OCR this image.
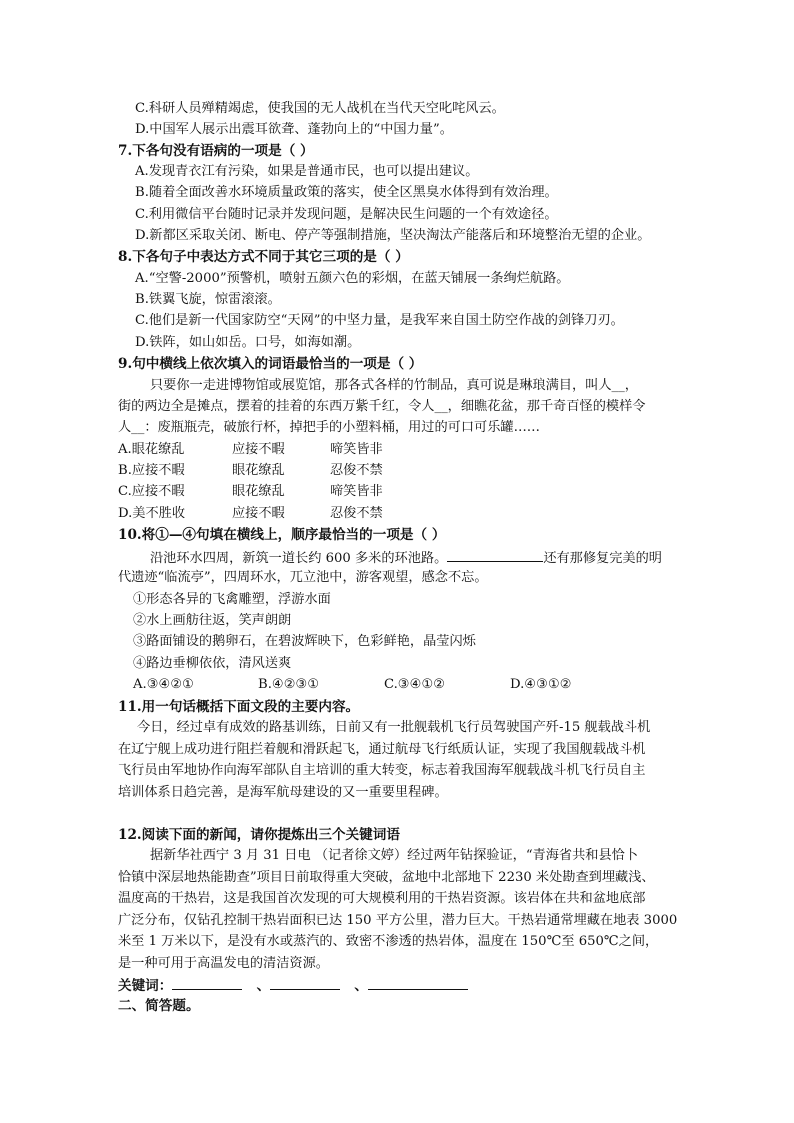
C.科研人员殚精竭虑，使我国的无人战机在当代天空叱咤风云。
D.中国军人展示出震耳欲聋、蓬勃向上的“中国力量”。
7.下各句没有语病的一项是（ ）
A.发现青衣江有污染，如果是普通市民，也可以提出建议。
B.随着全面改善水环境质量政策的落实，使全区黑臭水体得到有效治理。
C.利用微信平台随时记录并发现问题，是解决民生问题的一个有效途径。
D.新都区采取关闭、断电、停产等强制措施，坚决淘汰产能落后和环境整治无望的企业。
8.下各句子中表达方式不同于其它三项的是（ ）
A.“空警-2000”预警机，喷射五颜六色的彩烟，在蓝天铺展一条绚烂航路。
B.铁翼飞旋，惊雷滚滚。
C.他们是新一代国家防空“天网”的中坚力量，是我军来自国土防空作战的剑锋刀刃。
D.铁阵，如山如岳。口号，如海如潮。
9.句中横线上依次填入的词语最恰当的一项是（ ）
只要你一走进博物馆或展览馆，那各式各样的竹制品，真可说是琳琅满目，叫人__，
街的两边全是摊点，摆着的挂着的东西万紫千红，令人__，细瞧花盆，那千奇百怪的模样令
人__：废瓶瓶壳，破旅行杯，掉把手的小塑料桶，用过的可口可乐罐……
A.眼花缭乱	应接不暇	啼笑皆非
B.应接不暇	眼花缭乱	忍俊不禁
C.应接不暇	眼花缭乱	啼笑皆非
D.美不胜收	应接不暇	忍俊不禁
10.将①—④句填在横线上，顺序最恰当的一项是（ ）
沿池环水四周，新筑一道长约 600 多米的环池路。	还有那修复完美的明
代遗迹“临流亭”，四周环水，兀立池中，游客观望，感念不忘。
①形态各异的飞禽雕塑，浮游水面
②水上画舫往返，笑声朗朗
③路面铺设的鹅卵石，在碧波辉映下，色彩鲜艳，晶莹闪烁
④路边垂柳依依，清风送爽
A.③④②①	B.④②③①	C.③④①②	D.④③①②
11.用一句话概括下面文段的主要内容。
今日，经过卓有成效的路基训练，日前又有一批舰载机飞行员驾驶国产歼-15 舰载战斗机
在辽宁舰上成功进行阻拦着舰和滑跃起飞，通过航母飞行纸质认证，实现了我国舰载战斗机
飞行员由军地协作向海军部队自主培训的重大转变，标志着我国海军舰载战斗机飞行员自主
培训体系日趋完善，是海军航母建设的又一重要里程碑。
12.阅读下面的新闻，请你提炼出三个关键词语
据新华社西宁 3 月 31 日电 （记者徐文婷）经过两年钻探验证，“青海省共和县恰卜
恰镇中深层地热能勘查”项目日前取得重大突破，盆地中北部地下 2230 米处勘查到埋藏浅、
温度高的干热岩，这是我国首次发现的可大规模利用的干热岩资源。该岩体在共和盆地底部
广泛分布，仅钻孔控制干热岩面积已达 150 平方公里，潜力巨大。干热岩通常埋藏在地表 3000
米至 1 万米以下，是没有水或蒸汽的、致密不渗透的热岩体，温度在 150℃至 650℃之间，
是一种可用于高温发电的清洁资源。
关键词：	、	、
二、简答题。
